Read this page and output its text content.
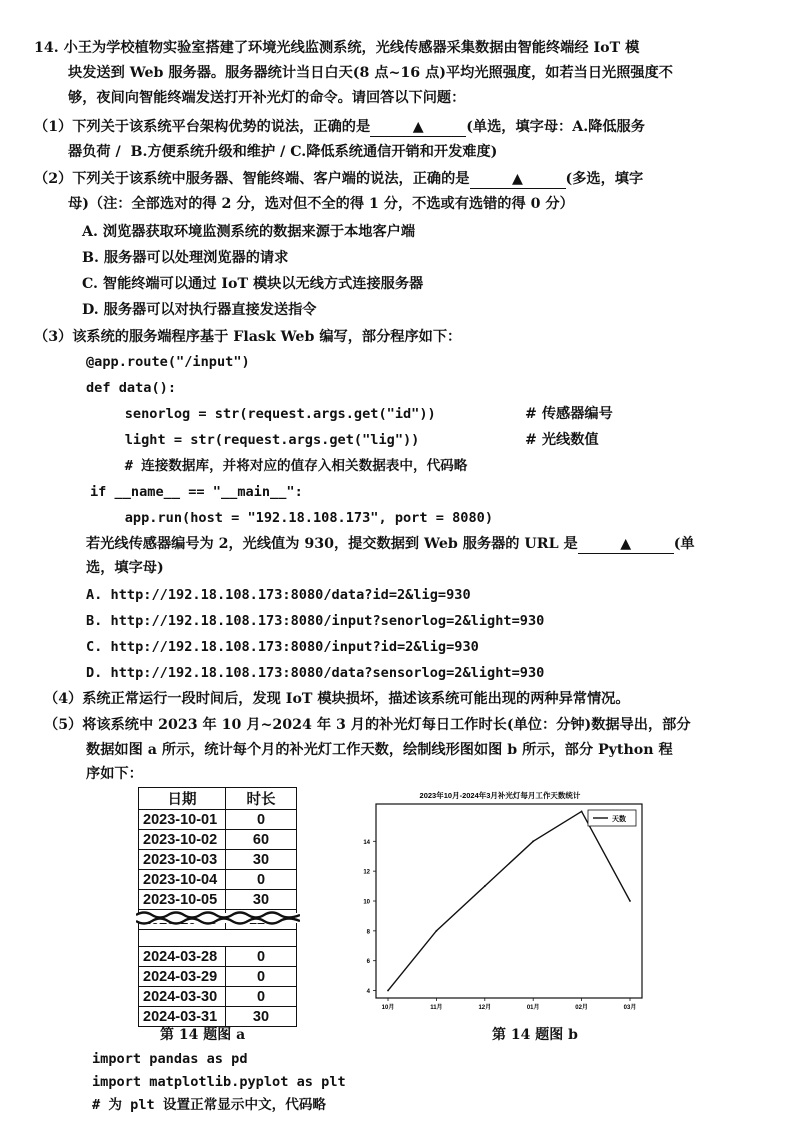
14. 小王为学校植物实验室搭建了环境光线监测系统，光线传感器采集数据由智能终端经 IoT 模
块发送到 Web 服务器。服务器统计当日白天(8 点~16 点)平均光照强度，如若当日光照强度不
够，夜间向智能终端发送打开补光灯的命令。请回答以下问题：
（1）下列关于该系统平台架构优势的说法，正确的是	▲	(单选，填字母：A.降低服务
器负荷 /  B.方便系统升级和维护 / C.降低系统通信开销和开发难度)
（2）下列关于该系统中服务器、智能终端、客户端的说法，正确的是	▲	(多选，填字
母)（注：全部选对的得 2 分，选对但不全的得 1 分，不选或有选错的得 0 分）
A. 浏览器获取环境监测系统的数据来源于本地客户端
B. 服务器可以处理浏览器的请求
C. 智能终端可以通过 IoT 模块以无线方式连接服务器
D. 服务器可以对执行器直接发送指令
（3）该系统的服务端程序基于 Flask Web 编写，部分程序如下：
@app.route("/input")
def data():
senorlog = str(request.args.get("id"))	# 传感器编号
light = str(request.args.get("lig"))	# 光线数值
# 连接数据库，并将对应的值存入相关数据表中，代码略
if __name__ == "__main__":
app.run(host = "192.18.108.173", port = 8080)
若光线传感器编号为 2，光线值为 930，提交数据到 Web 服务器的 URL 是	▲	(单
选，填字母)
A. http://192.18.108.173:8080/data?id=2&lig=930
B. http://192.18.108.173:8080/input?senorlog=2&light=930
C. http://192.18.108.173:8080/input?id=2&lig=930
D. http://192.18.108.173:8080/data?sensorlog=2&light=930
（4）系统正常运行一段时间后，发现 IoT 模块损坏，描述该系统可能出现的两种异常情况。
（5）将该系统中 2023 年 10 月~2024 年 3 月的补光灯每日工作时长(单位：分钟)数据导出，部分
数据如图 a 所示，统计每个月的补光灯工作天数，绘制线形图如图 b 所示，部分 Python 程
序如下：
日期	时长
2023-10-01	0
2023-10-02	60
2023-10-03	30
2023-10-04	0
2023-10-05	30

2024-03-28	0
2024-03-29	0
2024-03-30	0
2024-03-31	30
第 14 题图 a
2023年10月-2024年3月补光灯每月工作天数统计
4
6
8
10
12
14
10月	11月	12月	01月	02月	03月
天数
第 14 题图 b
import pandas as pd
import matplotlib.pyplot as plt
# 为 plt 设置正常显示中文，代码略
